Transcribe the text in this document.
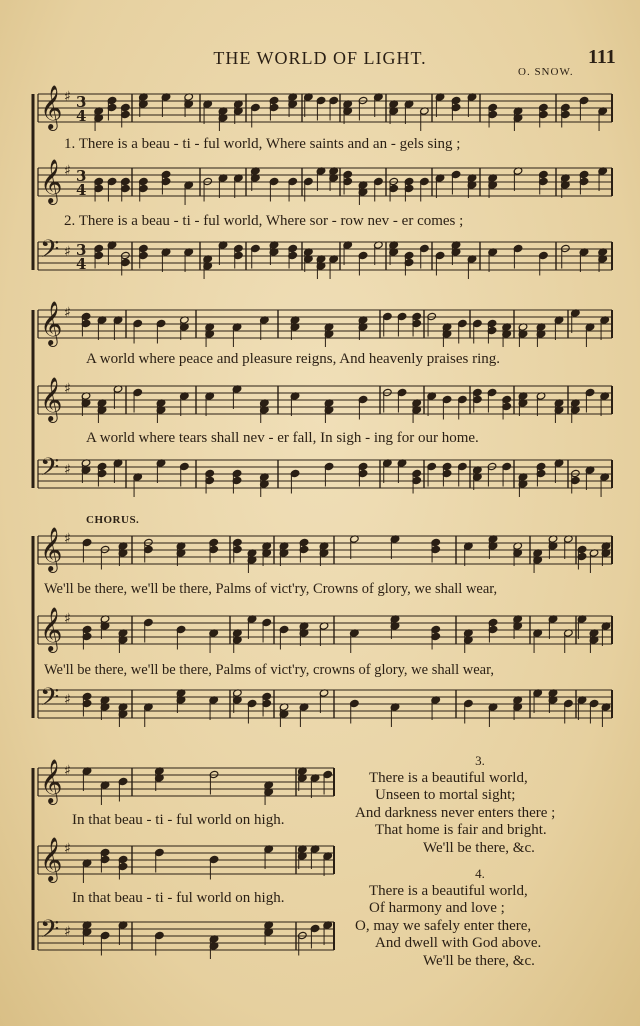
THE WORLD OF LIGHT.	111
O. SNOW.
𝄞 ♯ 3
4
𝄞 ♯ 3
4
𝄢 ♯ 3
4
𝄞 ♯
𝄞 ♯
𝄢 ♯
𝄞 ♯
𝄞 ♯
𝄢 ♯
𝄞 ♯
𝄞 ♯
𝄢 ♯
1. There is a beau - ti - ful world, Where saints and an - gels sing ;
2. There is a beau - ti - ful world, Where sor - row nev - er comes ;
A world where peace and pleasure reigns, And heavenly praises ring.
A world where tears shall nev - er fall, In sigh - ing for our home.
CHORUS.
We'll be there, we'll be there, Palms of vict'ry, Crowns of glory, we shall wear,
We'll be there, we'll be there, Palms of vict'ry, crowns of glory, we shall wear,
In that beau - ti - ful world on high.
In that beau - ti - ful world on high.
3.
There is a beautiful world,
Unseen to mortal sight;
And darkness never enters there ;
That home is fair and bright.
We'll be there, &c.
4.
There is a beautiful world,
Of harmony and love ;
O, may we safely enter there,
And dwell with God above.
We'll be there, &c.
